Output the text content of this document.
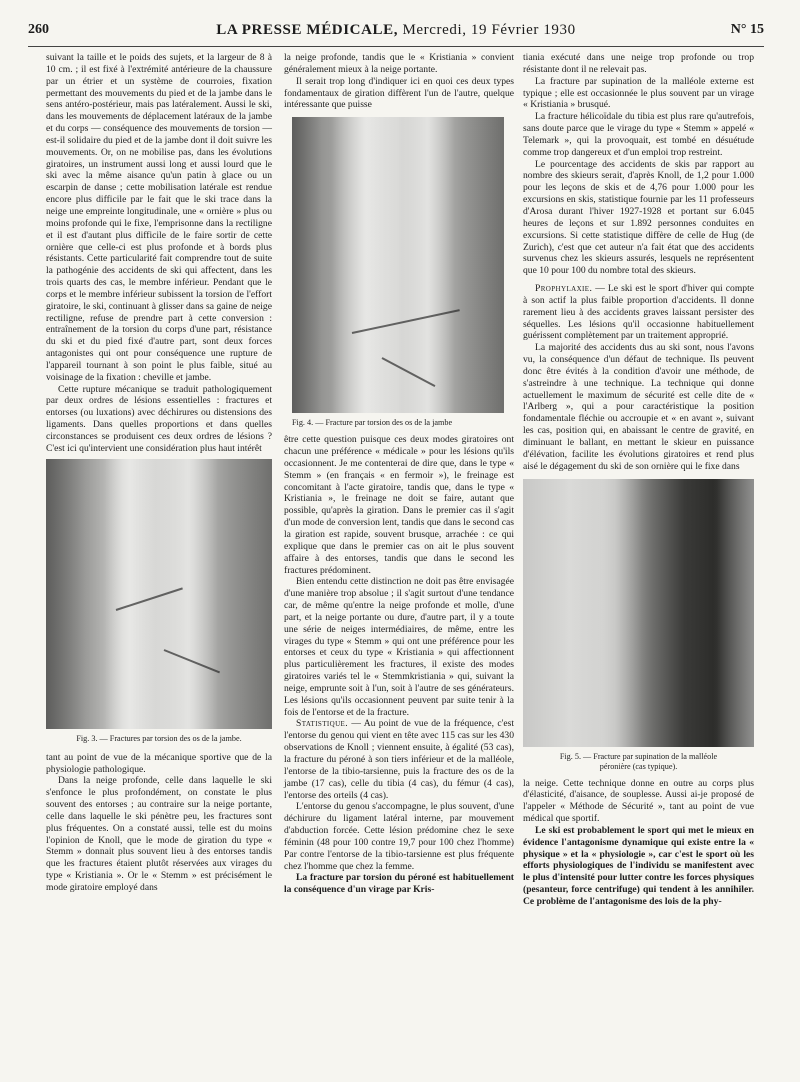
260	LA PRESSE MÉDICALE, Mercredi, 19 Février 1930	N° 15

suivant la taille et le poids des sujets, et la largeur de 8 à 10 cm. ; il est fixé à l'extrémité antérieure de la chaussure par un étrier et un système de courroies, fixation permettant des mouvements du pied et de la jambe dans le sens antéro-postérieur, mais pas latéralement. Aussi le ski, dans les mouvements de déplacement latéraux de la jambe et du corps — conséquence des mouvements de torsion — est-il solidaire du pied et de la jambe dont il doit suivre les mouvements. Or, on ne mobilise pas, dans les évolutions giratoires, un instrument aussi long et aussi lourd que le ski avec la même aisance qu'un patin à glace ou un escarpin de danse ; cette mobilisation latérale est rendue encore plus difficile par le fait que le ski trace dans la neige une empreinte longitudinale, une « ornière » plus ou moins profonde qui le fixe, l'emprisonne dans la rectiligne et il est d'autant plus difficile de le faire sortir de cette ornière que celle-ci est plus profonde et à bords plus résistants. Cette particularité fait comprendre tout de suite la pathogénie des accidents de ski qui affectent, dans les trois quarts des cas, le membre inférieur. Pendant que le corps et le membre inférieur subissent la torsion de l'effort giratoire, le ski, continuant à glisser dans sa gaine de neige rectiligne, refuse de prendre part à cette conversion : entraînement de la torsion du corps d'une part, résistance du ski et du pied fixé d'autre part, sont deux forces antagonistes qui ont pour conséquence une rupture de l'appareil tournant à son point le plus faible, situé au voisinage de la fixation : cheville et jambe.

Cette rupture mécanique se traduit pathologiquement par deux ordres de lésions essentielles : fractures et entorses (ou luxations) avec déchirures ou distensions des ligaments. Dans quelles proportions et dans quelles circonstances se produisent ces deux ordres de lésions ? C'est ici qu'intervient une considération plus haut intérêt

Fig. 3. — Fractures par torsion des os de la jambe.

tant au point de vue de la mécanique sportive que de la physiologie pathologique.

Dans la neige profonde, celle dans laquelle le ski s'enfonce le plus profondément, on constate le plus souvent des entorses ; au contraire sur la neige portante, celle dans laquelle le ski pénètre peu, les fractures sont plus fréquentes. On a constaté aussi, telle est du moins l'opinion de Knoll, que le mode de giration du type « Stemm » donnait plus souvent lieu à des entorses tandis que les fractures étaient plutôt réservées aux virages du type « Kristiania ». Or le « Stemm » est précisément le mode giratoire employé dans

la neige profonde, tandis que le « Kristiania » convient généralement mieux à la neige portante.

Il serait trop long d'indiquer ici en quoi ces deux types fondamentaux de giration diffèrent l'un de l'autre, quelque intéressante que puisse

Fig. 4. — Fracture par torsion des os de la jambe

être cette question puisque ces deux modes giratoires ont chacun une préférence « médicale » pour les lésions qu'ils occasionnent. Je me contenterai de dire que, dans le type « Stemm » (en français « en fermoir »), le freinage est concomitant à l'acte giratoire, tandis que, dans le type « Kristiania », le freinage ne doit se faire, autant que possible, qu'après la giration. Dans le premier cas il s'agit d'un mode de conversion lent, tandis que dans le second cas la giration est rapide, souvent brusque, arrachée : ce qui explique que dans le premier cas on ait le plus souvent affaire à des entorses, tandis que dans le second les fractures prédominent.

Bien entendu cette distinction ne doit pas être envisagée d'une manière trop absolue ; il s'agit surtout d'une tendance car, de même qu'entre la neige profonde et molle, d'une part, et la neige portante ou dure, d'autre part, il y a toute une série de neiges intermédiaires, de même, entre les virages du type « Stemm » qui ont une préférence pour les entorses et ceux du type « Kristiania » qui affectionnent plus particulièrement les fractures, il existe des modes giratoires variés tel le « Stemmkristiania » qui, suivant la neige, emprunte soit à l'un, soit à l'autre de ses générateurs. Les lésions qu'ils occasionnent peuvent par suite tenir à la fois de l'entorse et de la fracture.

Statistique. — Au point de vue de la fréquence, c'est l'entorse du genou qui vient en tête avec 115 cas sur les 430 observations de Knoll ; viennent ensuite, à égalité (53 cas), la fracture du péroné à son tiers inférieur et de la malléole, l'entorse de la tibio-tarsienne, puis la fracture des os de la jambe (17 cas), celle du tibia (4 cas), du fémur (4 cas), l'entorse des orteils (4 cas).

L'entorse du genou s'accompagne, le plus souvent, d'une déchirure du ligament latéral interne, par mouvement d'abduction forcée. Cette lésion prédomine chez le sexe féminin (48 pour 100 contre 19,7 pour 100 chez l'homme) Par contre l'entorse de la tibio-tarsienne est plus fréquente chez l'homme que chez la femme.

La fracture par torsion du péroné est habituellement la conséquence d'un virage par Kris-

tiania exécuté dans une neige trop profonde ou trop résistante dont il ne relevait pas.

La fracture par supination de la malléole externe est typique ; elle est occasionnée le plus souvent par un virage « Kristiania » brusqué.

La fracture hélicoïdale du tibia est plus rare qu'autrefois, sans doute parce que le virage du type « Stemm » appelé « Telemark », qui la provoquait, est tombé en désuétude comme trop dangereux et d'un emploi trop restreint.

Le pourcentage des accidents de skis par rapport au nombre des skieurs serait, d'après Knoll, de 1,2 pour 1.000 pour les leçons de skis et de 4,76 pour 1.000 pour les excursions en skis, statistique fournie par les 11 professeurs d'Arosa durant l'hiver 1927-1928 et portant sur 6.045 heures de leçons et sur 1.892 personnes conduites en excursions. Si cette statistique diffère de celle de Hug (de Zurich), c'est que cet auteur n'a fait état que des accidents survenus chez les skieurs assurés, lesquels ne représentent que 10 pour 100 du nombre total des skieurs.

Prophylaxie. — Le ski est le sport d'hiver qui compte à son actif la plus faible proportion d'accidents. Il donne rarement lieu à des accidents graves laissant persister des séquelles. Les lésions qu'il occasionne habituellement guérissent complètement par un traitement approprié.

La majorité des accidents dus au ski sont, nous l'avons vu, la conséquence d'un défaut de technique. Ils peuvent donc être évités à la condition d'avoir une méthode, de s'astreindre à une technique. La technique qui donne actuellement le maximum de sécurité est celle dite de « l'Arlberg », qui a pour caractéristique la position fondamentale fléchie ou accroupie et « en avant », suivant les cas, position qui, en abaissant le centre de gravité, en diminuant le ballant, en mettant le skieur en puissance d'élévation, facilite les évolutions giratoires et rend plus aisé le dégagement du ski de son ornière qui le fixe dans

Fig. 5. — Fracture par supination de la malléole
péronière (cas typique).

la neige. Cette technique donne en outre au corps plus d'élasticité, d'aisance, de souplesse. Aussi ai-je proposé de l'appeler « Méthode de Sécurité », tant au point de vue médical que sportif.

Le ski est probablement le sport qui met le mieux en évidence l'antagonisme dynamique qui existe entre la « physique » et la « physiologie », car c'est le sport où les efforts physiologiques de l'individu se manifestent avec le plus d'intensité pour lutter contre les forces physiques (pesanteur, force centrifuge) qui tendent à les annihiler. Ce problème de l'antagonisme des lois de la phy-
